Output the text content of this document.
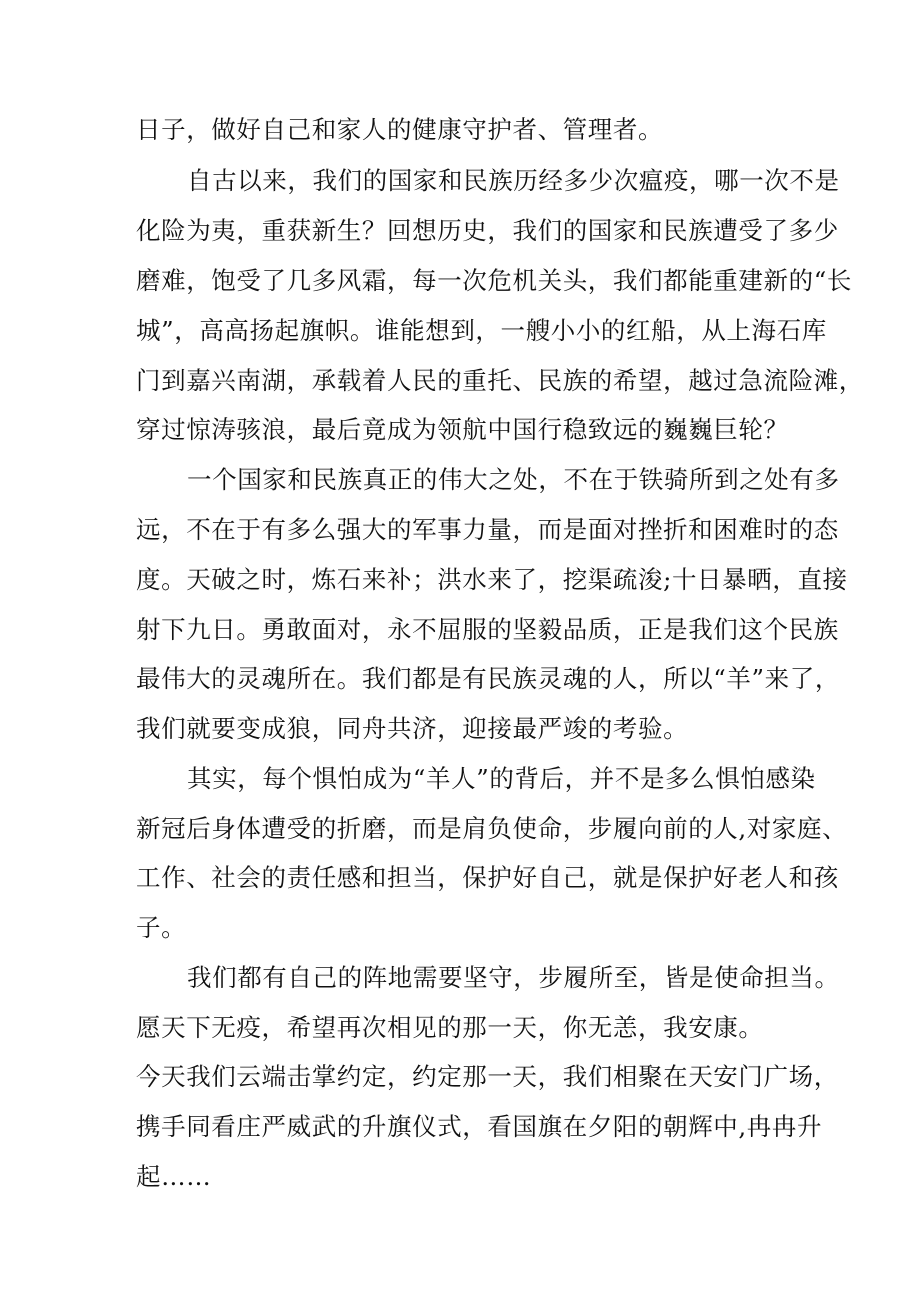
日子，做好自己和家人的健康守护者、管理者。
自古以来，我们的国家和民族历经多少次瘟疫，哪一次不是
化险为夷，重获新生？回想历史，我们的国家和民族遭受了多少
磨难，饱受了几多风霜，每一次危机关头，我们都能重建新的“长
城”，高高扬起旗帜。谁能想到，一艘小小的红船，从上海石库
门到嘉兴南湖，承载着人民的重托、民族的希望，越过急流险滩，
穿过惊涛骇浪，最后竟成为领航中国行稳致远的巍巍巨轮？
一个国家和民族真正的伟大之处，不在于铁骑所到之处有多
远，不在于有多么强大的军事力量，而是面对挫折和困难时的态
度。天破之时，炼石来补；洪水来了，挖渠疏浚;十日暴晒，直接
射下九日。勇敢面对，永不屈服的坚毅品质，正是我们这个民族
最伟大的灵魂所在。我们都是有民族灵魂的人，所以“羊”来了，
我们就要变成狼，同舟共济，迎接最严竣的考验。
其实，每个惧怕成为“羊人”的背后，并不是多么惧怕感染
新冠后身体遭受的折磨，而是肩负使命，步履向前的人,对家庭、
工作、社会的责任感和担当，保护好自己，就是保护好老人和孩
子。
我们都有自己的阵地需要坚守，步履所至，皆是使命担当。
愿天下无疫，希望再次相见的那一天，你无恙，我安康。
今天我们云端击掌约定，约定那一天，我们相聚在天安门广场，
携手同看庄严威武的升旗仪式，看国旗在夕阳的朝辉中,冉冉升
起……
